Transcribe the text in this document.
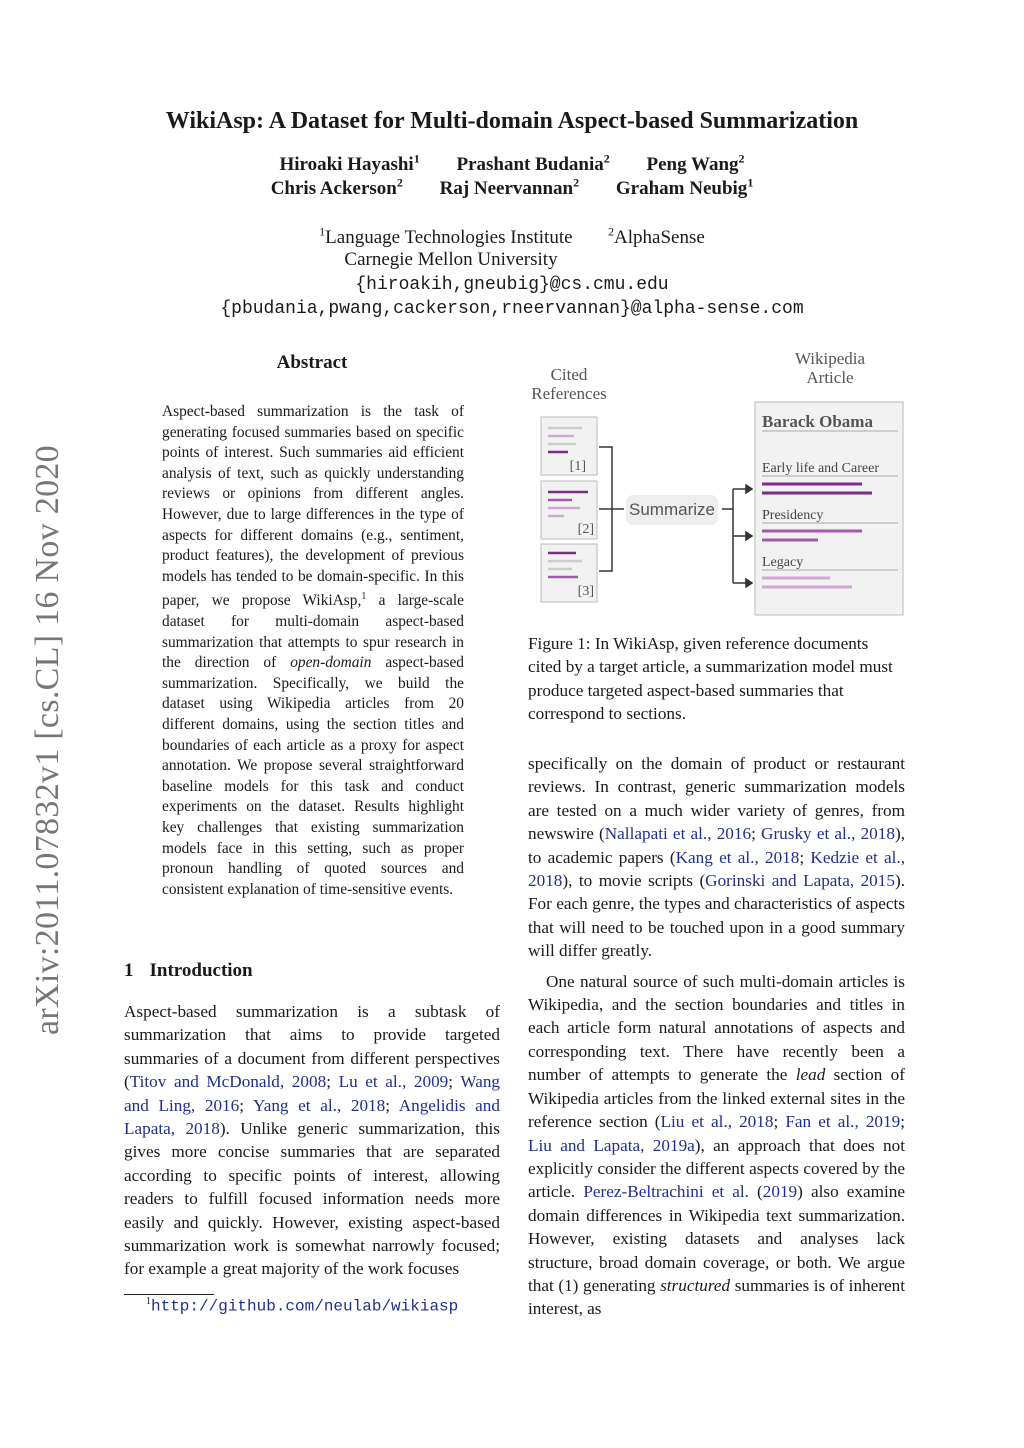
arXiv:2011.07832v1 [cs.CL] 16 Nov 2020
WikiAsp: A Dataset for Multi-domain Aspect-based Summarization
Hiroaki Hayashi$^1$ Prashant Budania$^2$ Peng Wang$^2$
Chris Ackerson$^2$ Raj Neervannan$^2$ Graham Neubig$^1$
$^1$Language Technologies Institute	$^2$AlphaSense
Carnegie Mellon University
{hiroakih,gneubig}@cs.cmu.edu
{pbudania,pwang,cackerson,rneervannan}@alpha-sense.com
Abstract
Aspect-based summarization is the task of generating focused summaries based on specific points of interest. Such summaries aid efficient analysis of text, such as quickly understanding reviews or opinions from different angles. However, due to large differences in the type of aspects for different domains (e.g., sentiment, product features), the development of previous models has tended to be domain-specific. In this paper, we propose WikiAsp,$^1$ a large-scale dataset for multi-domain aspect-based summarization that attempts to spur research in the direction of open-domain aspect-based summarization. Specifically, we build the dataset using Wikipedia articles from 20 different domains, using the section titles and boundaries of each article as a proxy for aspect annotation. We propose several straightforward baseline models for this task and conduct experiments on the dataset. Results highlight key challenges that existing summarization models face in this setting, such as proper pronoun handling of quoted sources and consistent explanation of time-sensitive events.
1 Introduction

Aspect-based summarization is a subtask of summarization that aims to provide targeted summaries of a document from different perspectives (Titov and McDonald, 2008; Lu et al., 2009; Wang and Ling, 2016; Yang et al., 2018; Angelidis and Lapata, 2018). Unlike generic summarization, this gives more concise summaries that are separated according to specific points of interest, allowing readers to fulfill focused information needs more easily and quickly. However, existing aspect-based summarization work is somewhat narrowly focused; for example a great majority of the work focuses

$^1$http://github.com/neulab/wikiasp
Cited
References
Wikipedia
Article
[1]
[2]
[3]
Summarize
Barack Obama
Early life and Career
Presidency
Legacy
Figure 1: In WikiAsp, given reference documents cited by a target article, a summarization model must produce targeted aspect-based summaries that correspond to sections.

specifically on the domain of product or restaurant reviews. In contrast, generic summarization models are tested on a much wider variety of genres, from newswire (Nallapati et al., 2016; Grusky et al., 2018), to academic papers (Kang et al., 2018; Kedzie et al., 2018), to movie scripts (Gorinski and Lapata, 2015). For each genre, the types and characteristics of aspects that will need to be touched upon in a good summary will differ greatly.

One natural source of such multi-domain articles is Wikipedia, and the section boundaries and titles in each article form natural annotations of aspects and corresponding text. There have recently been a number of attempts to generate the lead section of Wikipedia articles from the linked external sites in the reference section (Liu et al., 2018; Fan et al., 2019; Liu and Lapata, 2019a), an approach that does not explicitly consider the different aspects covered by the article. Perez-Beltrachini et al. (2019) also examine domain differences in Wikipedia text summarization. However, existing datasets and analyses lack structure, broad domain coverage, or both. We argue that (1) generating structured summaries is of inherent interest, as
